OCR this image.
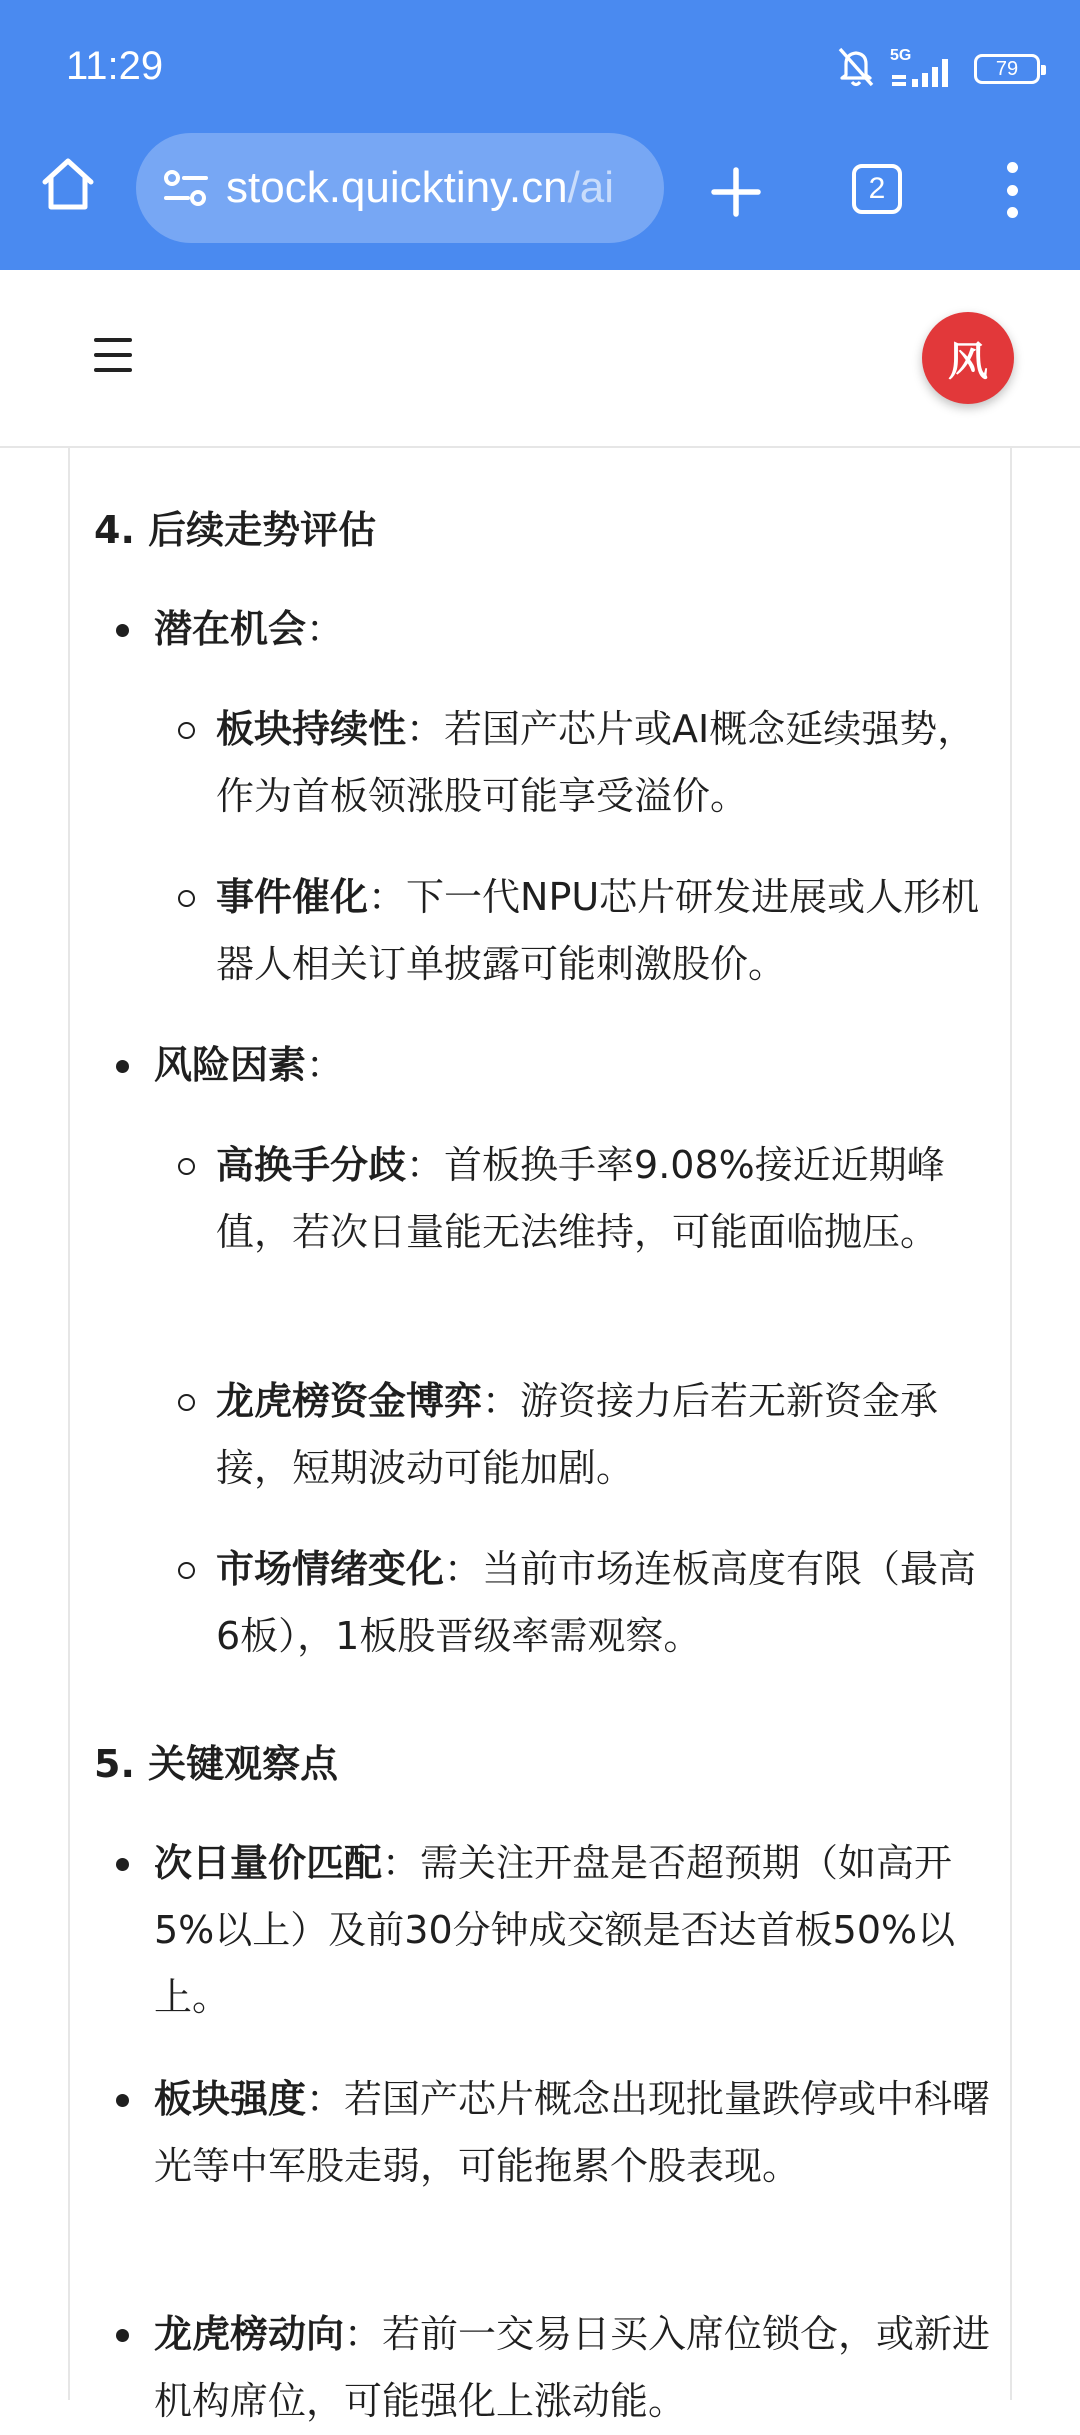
11:29	5G
79
stock.quicktiny.cn/ai	2
风
4. 后续走势评估
潜在机会：
板块持续性：若国产芯片或AI概念延续强势，作为首板领涨股可能享受溢价。
事件催化：下一代NPU芯片研发进展或人形机器人相关订单披露可能刺激股价。
风险因素：
高换手分歧：首板换手率9.08%接近近期峰值，若次日量能无法维持，可能面临抛压。
龙虎榜资金博弈：游资接力后若无新资金承接，短期波动可能加剧。
市场情绪变化：当前市场连板高度有限（最高6板），1板股晋级率需观察。
5. 关键观察点
次日量价匹配：需关注开盘是否超预期（如高开5%以上）及前30分钟成交额是否达首板50%以上。
板块强度：若国产芯片概念出现批量跌停或中科曙光等中军股走弱，可能拖累个股表现。
龙虎榜动向：若前一交易日买入席位锁仓，或新进机构席位，可能强化上涨动能。
